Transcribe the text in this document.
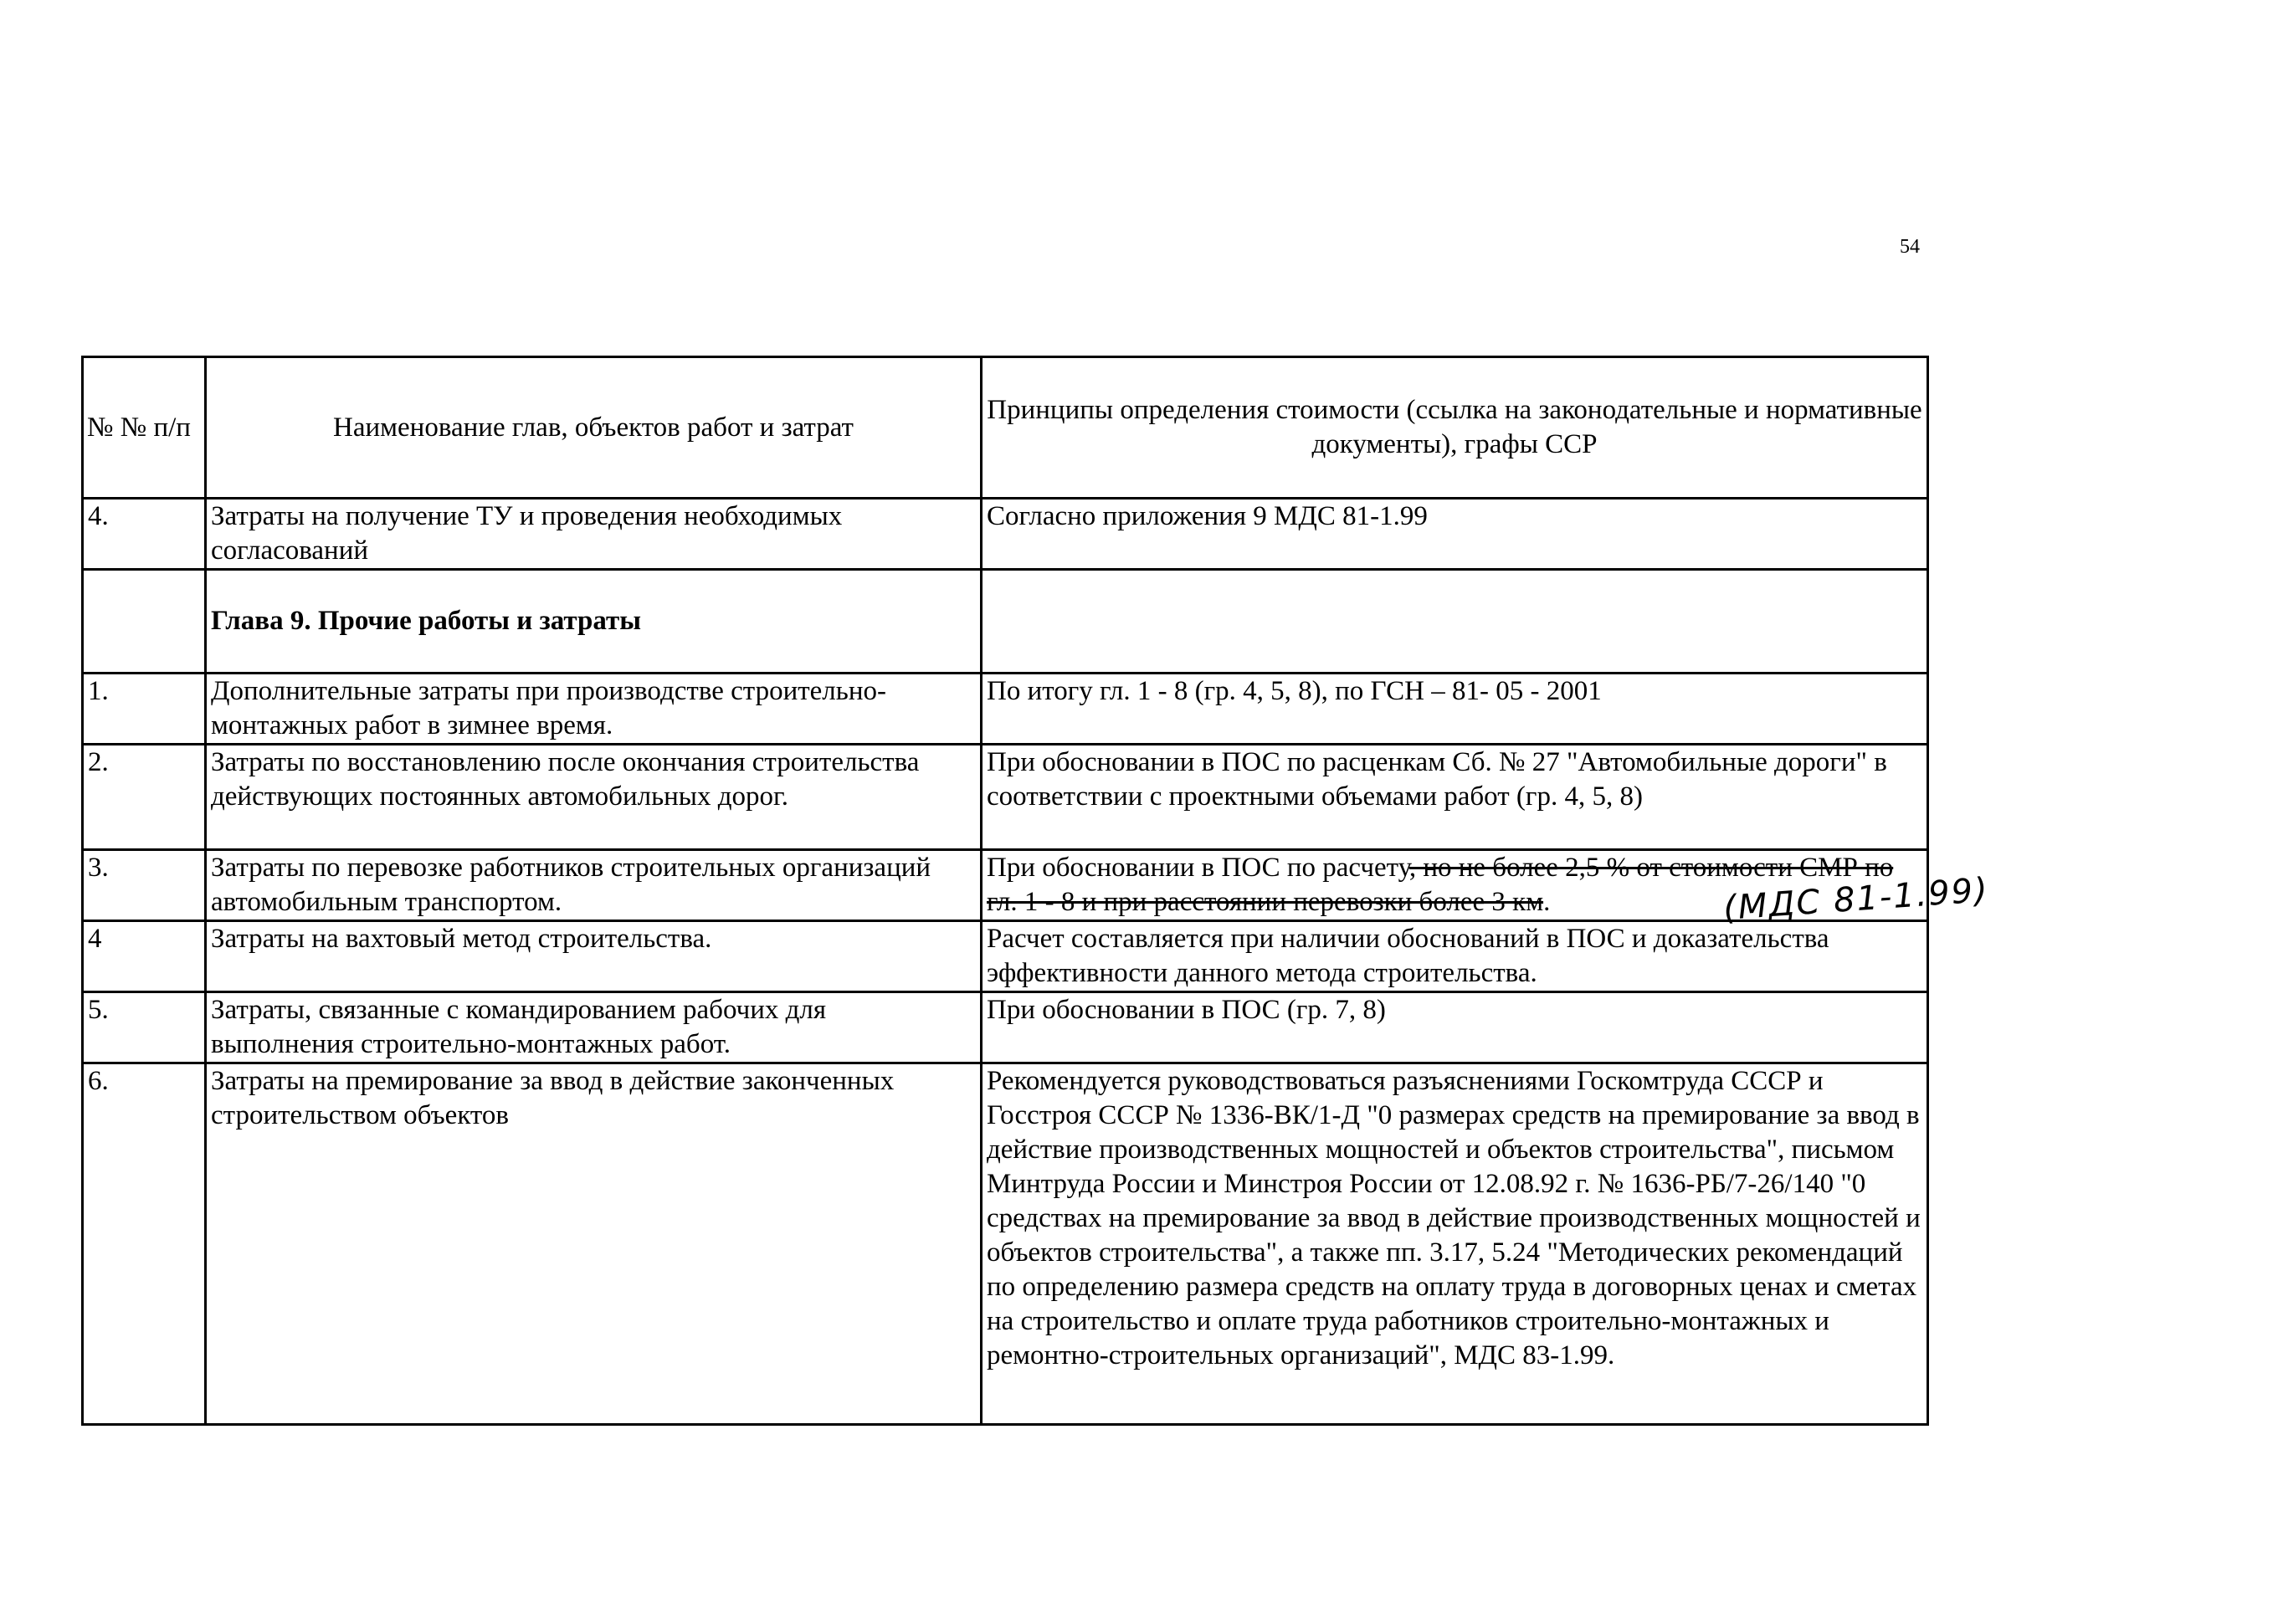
54
№ № п/п	Наименование глав, объектов работ и затрат	Принципы определения стоимости (ссылка на законодательные и нормативные документы), графы ССР
4.	Затраты на получение ТУ и проведения необходимых согласований	Согласно приложения 9 МДС 81-1.99
	Глава 9. Прочие работы и затраты	
1.	Дополнительные затраты при производстве строительно-монтажных работ в зимнее время.	По итогу гл. 1 - 8 (гр. 4, 5, 8), по ГСН – 81- 05 - 2001
2.	Затраты по восстановлению после окончания строительства действующих постоянных автомобильных дорог.	При обосновании в ПОС по расценкам Сб. № 27 "Автомобильные дороги" в соответствии с проектными объемами работ (гр. 4, 5, 8)
3.	Затраты по перевозке работников строительных организаций автомобильным транспортом.	При обосновании в ПОС по расчету, но не более 2,5 % от стоимости СМР по гл. 1 - 8 и при расстоянии перевозки более 3 км. (МДС 81-1.99)

4	Затраты на вахтовый метод строительства.	Расчет составляется при наличии обоснований в ПОС и доказательства эффективности данного метода строительства.
5.	Затраты, связанные с командированием рабочих для выполнения строительно-монтажных работ.	При обосновании в ПОС (гр. 7, 8)
6.	Затраты на премирование за ввод в действие законченных строительством объектов	Рекомендуется руководствоваться разъяснениями Госкомтруда СССР и Госстроя СССР № 1336-ВК/1-Д "0 размерах средств на премирование за ввод в действие производственных мощностей и объектов строительства", письмом Минтруда России и Минстроя России от 12.08.92 г. № 1636-РБ/7-26/140 "0 средствах на премирование за ввод в действие производственных мощностей и объектов строительства", а также пп. 3.17, 5.24 "Методических рекомендаций по определению размера средств на оплату труда в договорных ценах и сметах на строительство и оплате труда работников строительно-монтажных и ремонтно-строительных организаций", МДС 83-1.99.
